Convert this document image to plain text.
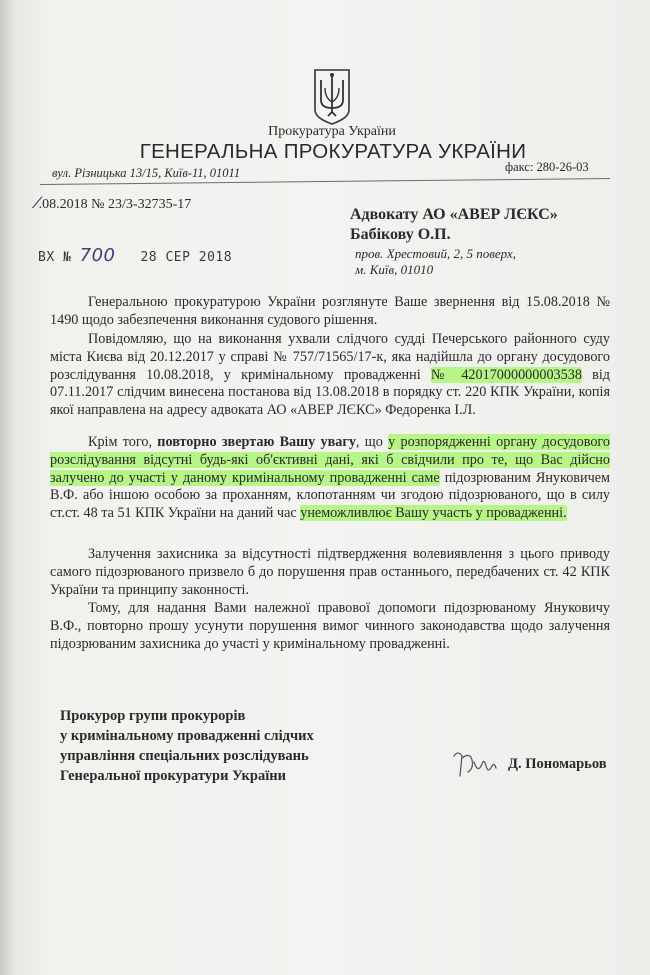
Прокуратура України
ГЕНЕРАЛЬНА ПРОКУРАТУРА УКРАЇНИ
вул. Різницька 13/15, Київ-11, 01011	факс: 280-26-03
⁄.08.2018 № 23/3-32735-17
Адвокату АО «АВЕР ЛЄКС»
Бабікову О.П.
пров. Хрестовий, 2, 5 поверх,
м. Київ, 01010
ВХ № 700 28 СЕР 2018

Генеральною прокуратурою України розглянуте Ваше звернення від 15.08.2018 № 1490 щодо забезпечення виконання судового рішення.

Повідомляю, що на виконання ухвали слідчого судді Печерського районного суду міста Києва від 20.12.2017 у справі № 757/71565/17-к, яка надійшла до органу досудового розслідування 10.08.2018, у кримінальному провадженні № 42017000000003538 від 07.11.2017 слідчим винесена постанова від 13.08.2018 в порядку ст. 220 КПК України, копія якої направлена на адресу адвоката АО «АВЕР ЛЄКС» Федоренка І.Л.

Крім того, повторно звертаю Вашу увагу, що у розпорядженні органу досудового розслідування відсутні будь-які об'єктивні дані, які б свідчили про те, що Вас дійсно залучено до участі у даному кримінальному провадженні саме підозрюваним Януковичем В.Ф. або іншою особою за проханням, клопотанням чи згодою підозрюваного, що в силу ст.ст. 48 та 51 КПК України на даний час унеможливлює Вашу участь у провадженні.

Залучення захисника за відсутності підтвердження волевиявлення з цього приводу самого підозрюваного призвело б до порушення прав останнього, передбачених ст. 42 КПК України та принципу законності.

Тому, для надання Вами належної правової допомоги підозрюваному Януковичу В.Ф., повторно прошу усунути порушення вимог чинного законодавства щодо залучення підозрюваним захисника до участі у кримінальному провадженні.

Прокурор групи прокурорів
у кримінальному провадженні слідчих
управління спеціальних розслідувань
Генеральної прокуратури України
Д. Пономарьов
